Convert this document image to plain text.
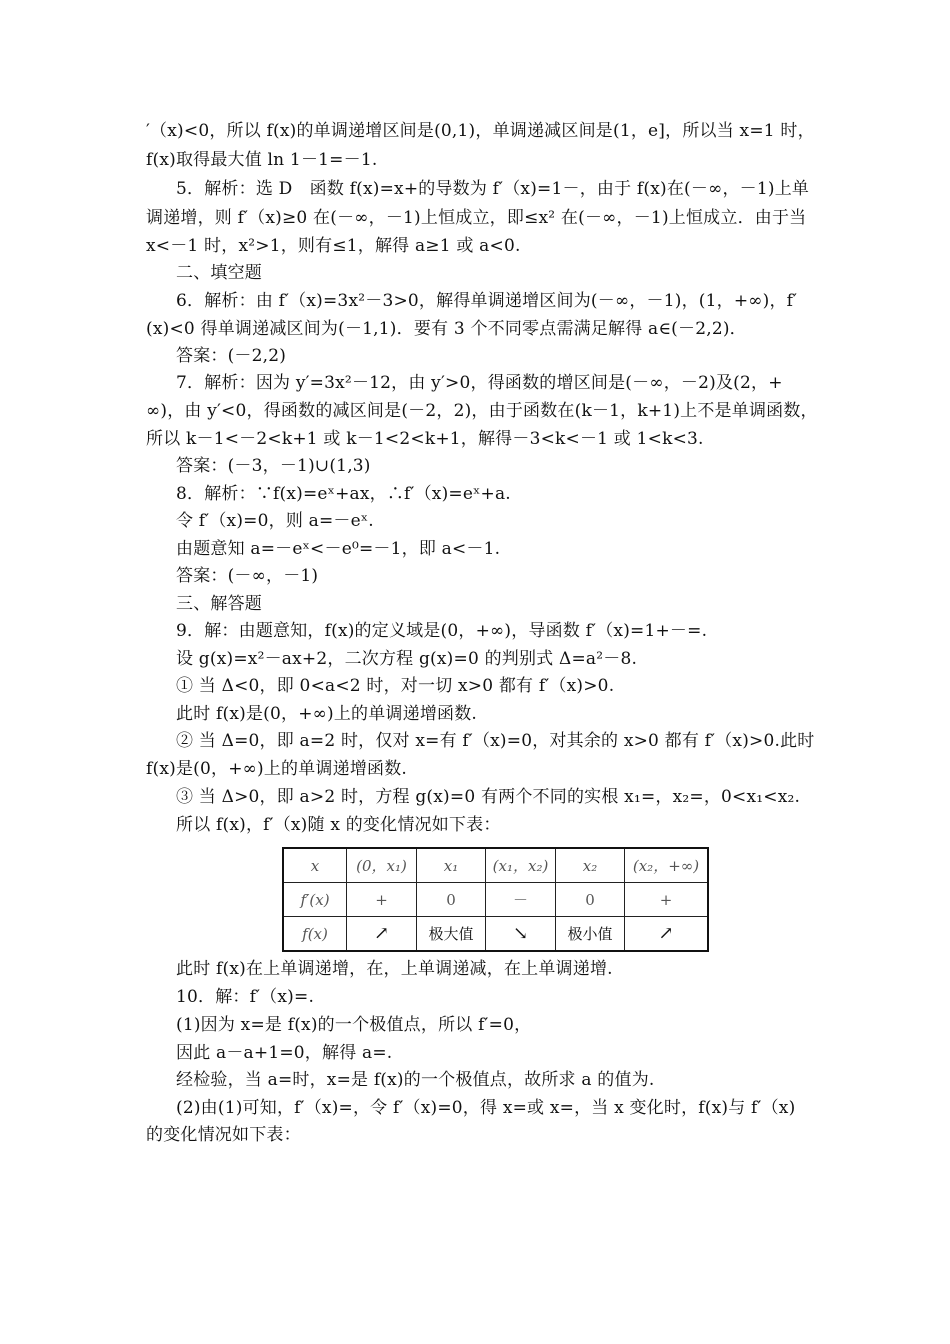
′（x)<0，所以 f(x)的单调递增区间是(0,1)，单调递减区间是(1，e]，所以当 x=1 时，
f(x)取得最大值 ln 1－1=－1.
5．解析：选 D　函数 f(x)=x+的导数为 f′（x)=1－，由于 f(x)在(－∞，－1)上单
调递增，则 f′（x)≥0 在(－∞，－1)上恒成立，即≤x² 在(－∞，－1)上恒成立．由于当
x<－1 时，x²>1，则有≤1，解得 a≥1 或 a<0.
二、填空题
6．解析：由 f′（x)=3x²－3>0，解得单调递增区间为(－∞，－1)，(1，+∞)，f′
(x)<0 得单调递减区间为(－1,1)．要有 3 个不同零点需满足解得 a∈(－2,2)．
答案：(－2,2)
7．解析：因为 y′=3x²－12，由 y′>0，得函数的增区间是(－∞，－2)及(2，+
∞)，由 y′<0，得函数的减区间是(－2，2)，由于函数在(k－1，k+1)上不是单调函数，
所以 k－1<－2<k+1 或 k－1<2<k+1，解得－3<k<－1 或 1<k<3.
答案：(－3，－1)∪(1,3)
8．解析：∵f(x)=eˣ+ax，∴f′（x)=eˣ+a.
令 f′（x)=0，则 a=－eˣ.
由题意知 a=－eˣ<－e⁰=－1，即 a<－1.
答案：(－∞，－1)
三、解答题
9．解：由题意知，f(x)的定义域是(0，+∞)，导函数 f′（x)=1+－=.
设 g(x)=x²－ax+2，二次方程 g(x)=0 的判别式 Δ=a²－8.
① 当 Δ<0，即 0<a<2 时，对一切 x>0 都有 f′（x)>0.
此时 f(x)是(0，+∞)上的单调递增函数.
② 当 Δ=0，即 a=2 时，仅对 x=有 f′（x)=0，对其余的 x>0 都有 f′（x)>0.此时
f(x)是(0，+∞)上的单调递增函数.
③ 当 Δ>0，即 a>2 时，方程 g(x)=0 有两个不同的实根 x₁=，x₂=，0<x₁<x₂.
所以 f(x)，f′（x)随 x 的变化情况如下表：
x	(0，x₁)	x₁	(x₁，x₂)	x₂	(x₂，+∞)
f′(x)	+	0	－	0	+
f(x)	↗	极大值	↘	极小值	↗
此时 f(x)在上单调递增，在，上单调递减，在上单调递增.
10．解：f′（x)=.
(1)因为 x=是 f(x)的一个极值点，所以 f′=0，
因此 a－a+1=0，解得 a=.
经检验，当 a=时，x=是 f(x)的一个极值点，故所求 a 的值为.
(2)由(1)可知，f′（x)=，令 f′（x)=0，得 x=或 x=，当 x 变化时，f(x)与 f′（x)
的变化情况如下表：
